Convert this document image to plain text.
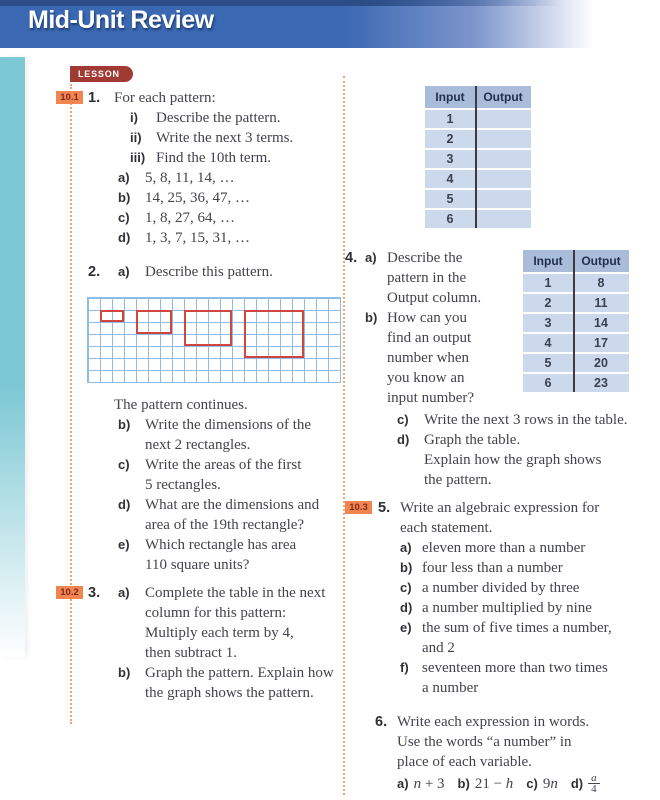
Mid-Unit Review
LESSON
10.1 1. For each pattern:
i)	Describe the pattern.
ii) Write the next 3 terms.
iii) Find the 10th term.
a)	5, 8, 11, 14, …
b) 14, 25, 36, 47, …
c)	1, 8, 27, 64, …
d) 1, 3, 7, 15, 31, …
2.	a)	Describe this pattern.
The pattern continues.
b) Write the dimensions of the
next 2 rectangles.
c)	Write the areas of the first
5 rectangles.
d) What are the dimensions and
area of the 19th rectangle?
e)	Which rectangle has area
110 square units?
10.2 3.	a)	Complete the table in the next
column for this pattern:
Multiply each term by 4,
then subtract 1.
b) Graph the pattern. Explain how
the graph shows the pattern.
Input	Output
1
2
3
4
5
6
4. a) Describe the
pattern in the
Output column.
b) How can you
find an output
number when
you know an
input number?
Input	Output
1	8
2	11
3	14
4	17
5	20
6	23
c)	Write the next 3 rows in the table.
d) Graph the table.
Explain how the graph shows
the pattern.
10.3 5. Write an algebraic expression for
each statement.
a) eleven more than a number
b) four less than a number
c) a number divided by three
d) a number multiplied by nine
e) the sum of five times a number,
and 2
f) seventeen more than two times
a number
6. Write each expression in words.
Use the words “a number” in
place of each variable.
a) n + 3 b) 21 − h c) 9n $d) \frac{a}{4}$
